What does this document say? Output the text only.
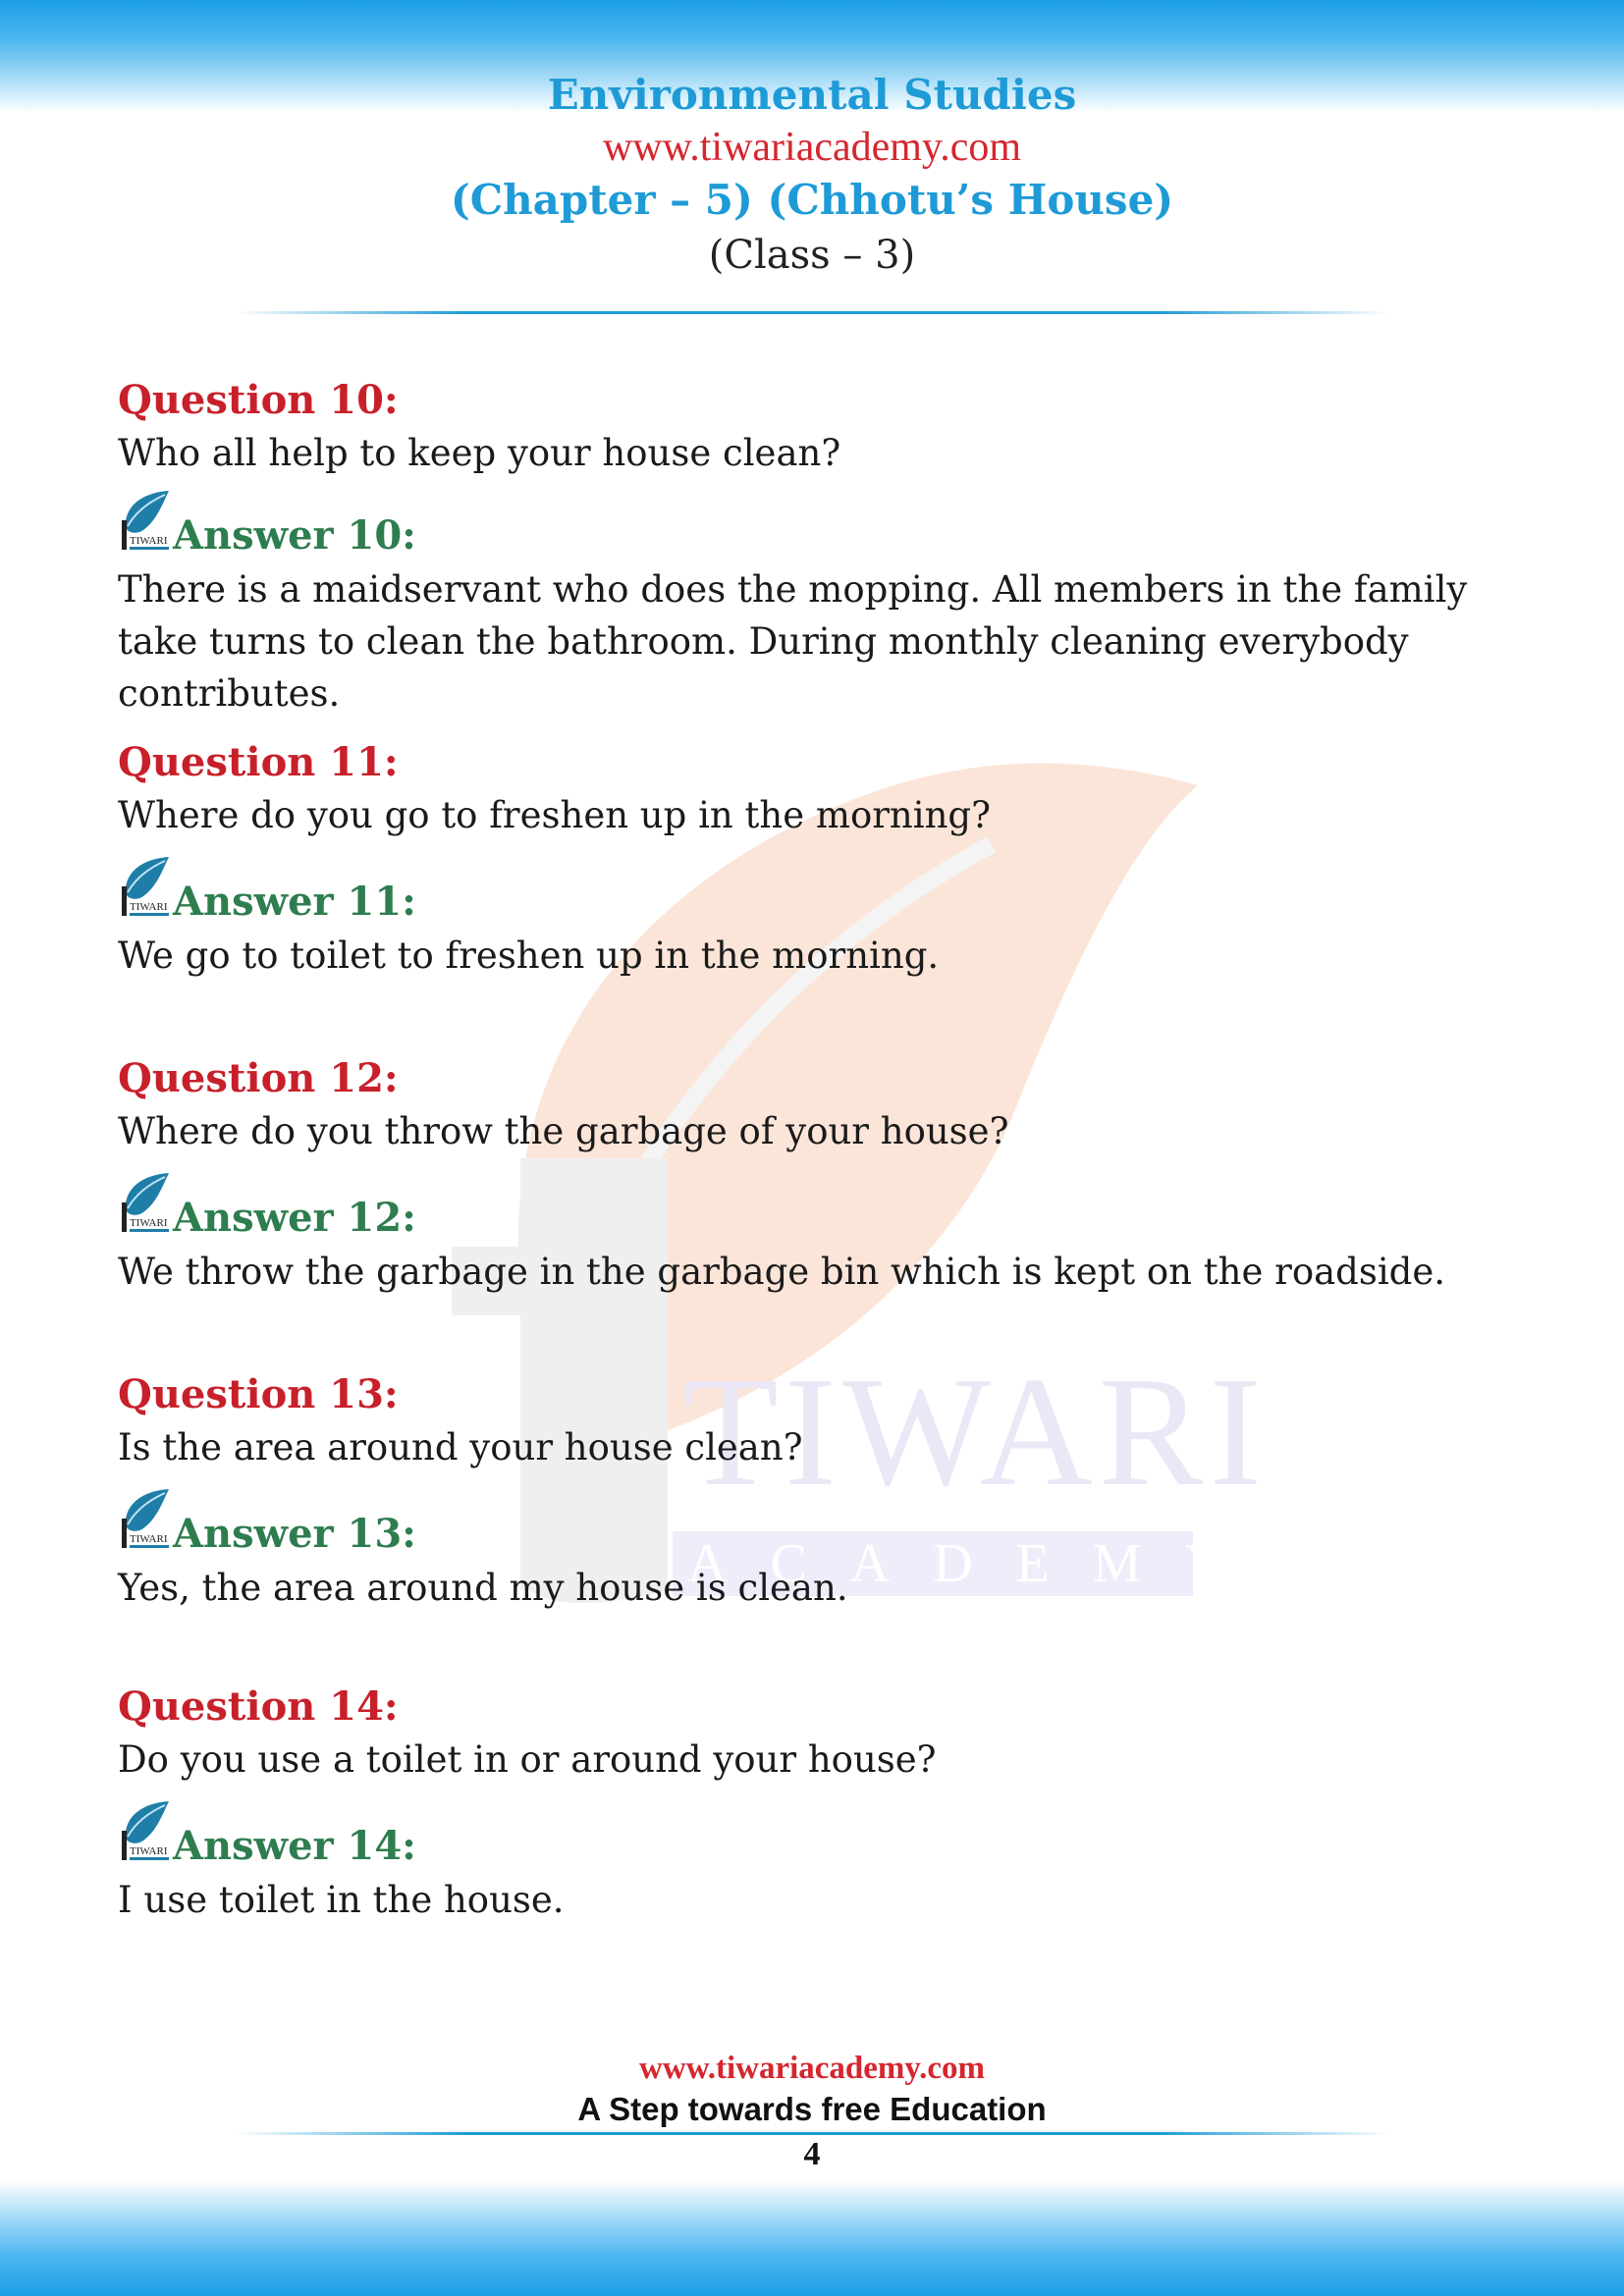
Environmental Studies
www.tiwariacademy.com
(Chapter – 5) (Chhotu’s House)
(Class – 3)
TIWARI
ACADEMY
Question 10:
Who all help to keep your house clean?
TIWARI Answer 10:
There is a maidservant who does the mopping. All members in the family take turns to clean the bathroom. During monthly cleaning everybody contributes.
Question 11:
Where do you go to freshen up in the morning?
TIWARI Answer 11:
We go to toilet to freshen up in the morning.
Question 12:
Where do you throw the garbage of your house?
TIWARI Answer 12:
We throw the garbage in the garbage bin which is kept on the roadside.
Question 13:
Is the area around your house clean?
TIWARI Answer 13:
Yes, the area around my house is clean.
Question 14:
Do you use a toilet in or around your house?
TIWARI Answer 14:
I use toilet in the house.
www.tiwariacademy.com
A Step towards free Education
4
